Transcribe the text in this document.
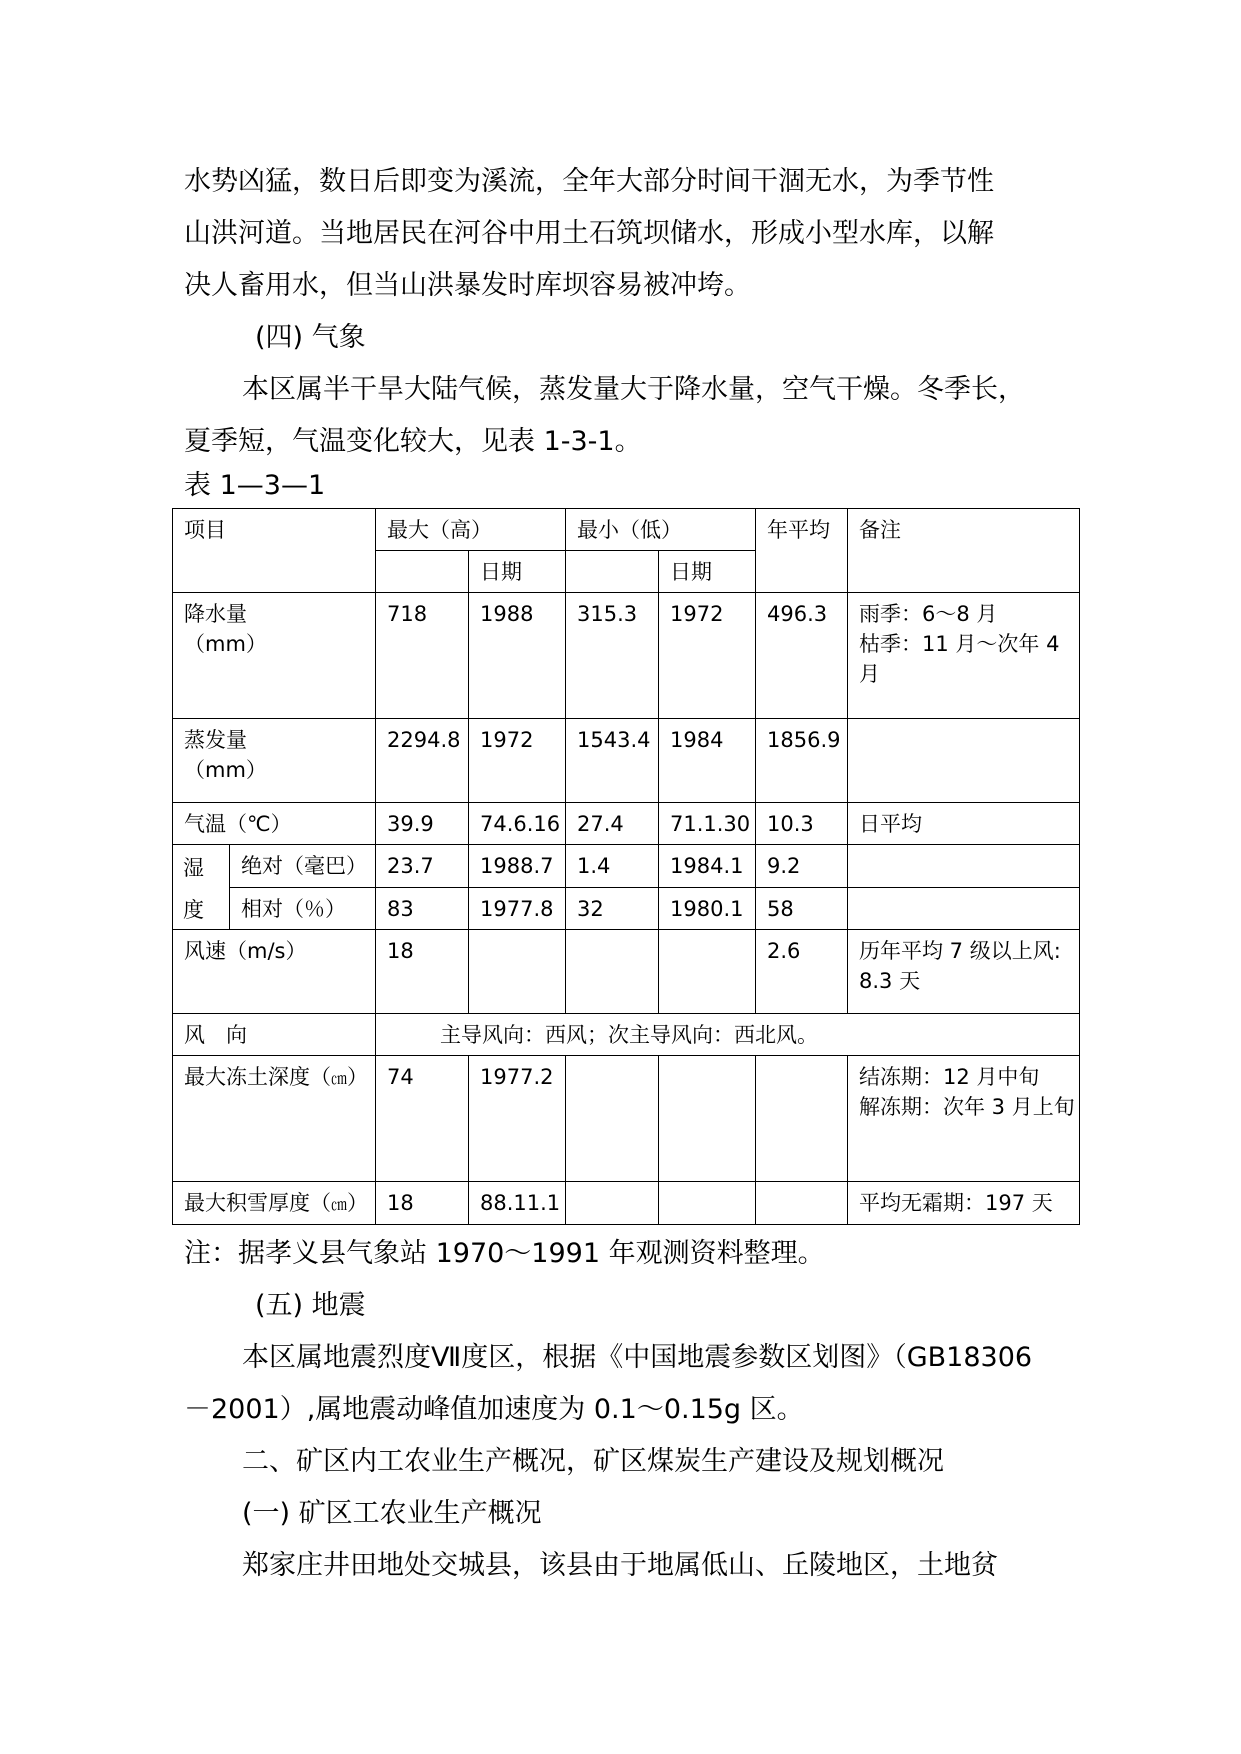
水势凶猛，数日后即变为溪流，全年大部分时间干涸无水，为季节性

山洪河道。当地居民在河谷中用土石筑坝储水，形成小型水库，以解

决人畜用水，但当山洪暴发时库坝容易被冲垮。

(四) 气象

本区属半干旱大陆气候，蒸发量大于降水量，空气干燥。冬季长，

夏季短，气温变化较大，见表 1-3-1。

表 1—3—1

项目		最大（高）		最小（低）		年平均	备注
			日期		日期		
降水量（mm）		718	1988	315.3	1972	496.3	雨季：6～8 月
枯季：11 月～次年 4 月

蒸发量（mm）		2294.8	1972	1543.4	1984	1856.9	
气温（℃）		39.9	74.6.16	27.4	71.1.30	10.3	日平均

湿
度	绝对（毫巴）	23.7	1988.7	1.4	1984.1	9.2	
	相对（％）	83	1977.8	32	1980.1	58	
风速（m/s）		18				2.6	历年平均 7 级以上风:8.3 天
风　向		主导风向：西风；次主导风向：西北风。					
最大冻土深度（㎝）		74	1977.2				结冻期：12 月中旬
解冻期：次年 3 月上旬

最大积雪厚度（㎝）		18	88.11.1				平均无霜期：197 天

注：据孝义县气象站 1970～1991 年观测资料整理。

(五) 地震

本区属地震烈度Ⅶ度区，根据《中国地震参数区划图》（GB18306

－2001）,属地震动峰值加速度为 0.1～0.15g 区。

二、矿区内工农业生产概况，矿区煤炭生产建设及规划概况

(一) 矿区工农业生产概况

郑家庄井田地处交城县，该县由于地属低山、丘陵地区，土地贫
